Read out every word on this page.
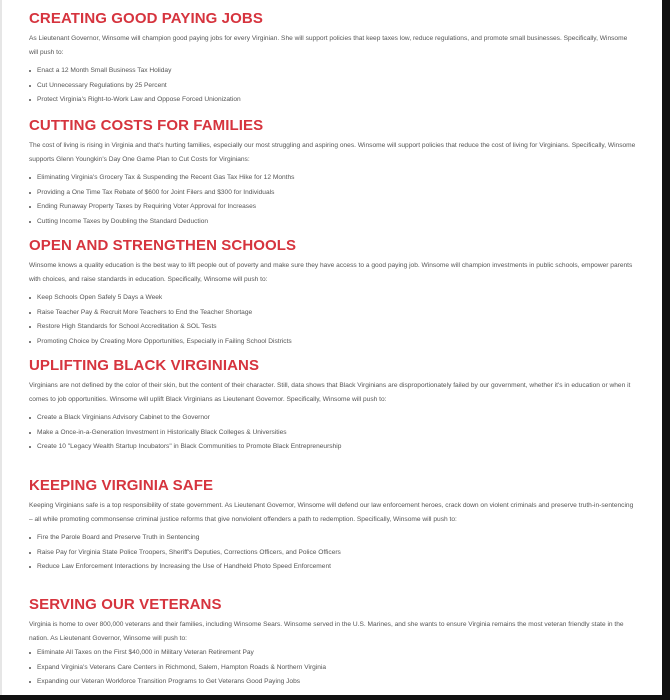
CREATING GOOD PAYING JOBS

As Lieutenant Governor, Winsome will champion good paying jobs for every Virginian. She will support policies that keep taxes low, reduce regulations, and promote small businesses. Specifically, Winsome will push to:

Enact a 12 Month Small Business Tax Holiday
Cut Unnecessary Regulations by 25 Percent
Protect Virginia's Right-to-Work Law and Oppose Forced Unionization
CUTTING COSTS FOR FAMILIES

The cost of living is rising in Virginia and that's hurting families, especially our most struggling and aspiring ones. Winsome will support policies that reduce the cost of living for Virginians. Specifically, Winsome supports Glenn Youngkin's Day One Game Plan to Cut Costs for Virginians:

Eliminating Virginia's Grocery Tax & Suspending the Recent Gas Tax Hike for 12 Months
Providing a One Time Tax Rebate of $600 for Joint Filers and $300 for Individuals
Ending Runaway Property Taxes by Requiring Voter Approval for Increases
Cutting Income Taxes by Doubling the Standard Deduction
OPEN AND STRENGTHEN SCHOOLS

Winsome knows a quality education is the best way to lift people out of poverty and make sure they have access to a good paying job. Winsome will champion investments in public schools, empower parents with choices, and raise standards in education. Specifically, Winsome will push to:

Keep Schools Open Safely 5 Days a Week
Raise Teacher Pay & Recruit More Teachers to End the Teacher Shortage
Restore High Standards for School Accreditation & SOL Tests
Promoting Choice by Creating More Opportunities, Especially in Failing School Districts
UPLIFTING BLACK VIRGINIANS

Virginians are not defined by the color of their skin, but the content of their character. Still, data shows that Black Virginians are disproportionately failed by our government, whether it's in education or when it comes to job opportunities. Winsome will uplift Black Virginians as Lieutenant Governor. Specifically, Winsome will push to:

Create a Black Virginians Advisory Cabinet to the Governor
Make a Once-in-a-Generation Investment in Historically Black Colleges & Universities
Create 10 "Legacy Wealth Startup Incubators" in Black Communities to Promote Black Entrepreneurship
KEEPING VIRGINIA SAFE

Keeping Virginians safe is a top responsibility of state government. As Lieutenant Governor, Winsome will defend our law enforcement heroes, crack down on violent criminals and preserve truth-in-sentencing – all while promoting commonsense criminal justice reforms that give nonviolent offenders a path to redemption. Specifically, Winsome will push to:

Fire the Parole Board and Preserve Truth in Sentencing
Raise Pay for Virginia State Police Troopers, Sheriff's Deputies, Corrections Officers, and Police Officers
Reduce Law Enforcement Interactions by Increasing the Use of Handheld Photo Speed Enforcement
SERVING OUR VETERANS

Virginia is home to over 800,000 veterans and their families, including Winsome Sears. Winsome served in the U.S. Marines, and she wants to ensure Virginia remains the most veteran friendly state in the nation. As Lieutenant Governor, Winsome will push to:

Eliminate All Taxes on the First $40,000 in Military Veteran Retirement Pay
Expand Virginia's Veterans Care Centers in Richmond, Salem, Hampton Roads & Northern Virginia
Expanding our Veteran Workforce Transition Programs to Get Veterans Good Paying Jobs
